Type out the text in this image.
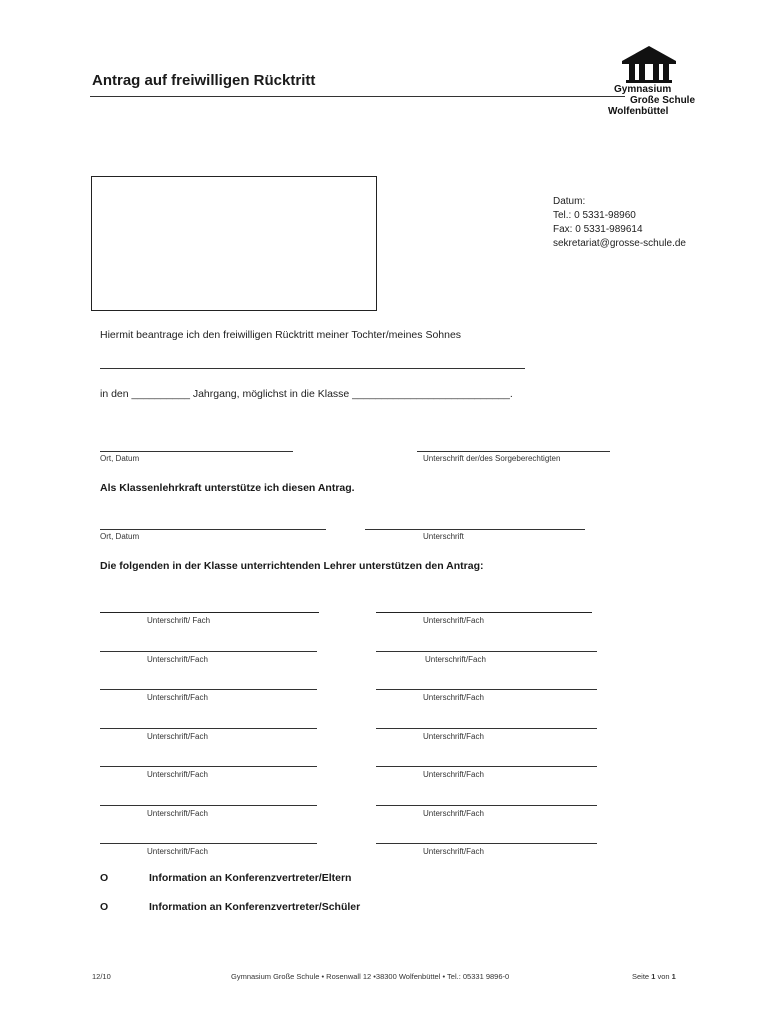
Antrag auf freiwilligen Rücktritt
Gymnasium
Große Schule
Wolfenbüttel
Datum:
Tel.: 0 5331-98960
Fax: 0 5331-989614
sekretariat@grosse-schule.de
Hiermit beantrage ich den freiwilligen Rücktritt meiner Tochter/meines Sohnes
in den __________ Jahrgang, möglichst in die Klasse ___________________________.
Ort, Datum	Unterschrift der/des Sorgeberechtigten
Als Klassenlehrkraft unterstütze ich diesen Antrag.
Ort, Datum	Unterschrift
Die folgenden in der Klasse unterrichtenden Lehrer unterstützen den Antrag:
Unterschrift/ Fach	Unterschrift/Fach
Unterschrift/Fach	Unterschrift/Fach
Unterschrift/Fach	Unterschrift/Fach
Unterschrift/Fach	Unterschrift/Fach
Unterschrift/Fach	Unterschrift/Fach
Unterschrift/Fach	Unterschrift/Fach
Unterschrift/Fach	Unterschrift/Fach
O	Information an Konferenzvertreter/Eltern
O	Information an Konferenzvertreter/Schüler
12/10	Gymnasium Große Schule • Rosenwall 12 •38300 Wolfenbüttel • Tel.: 05331 9896-0	Seite 1 von 1
